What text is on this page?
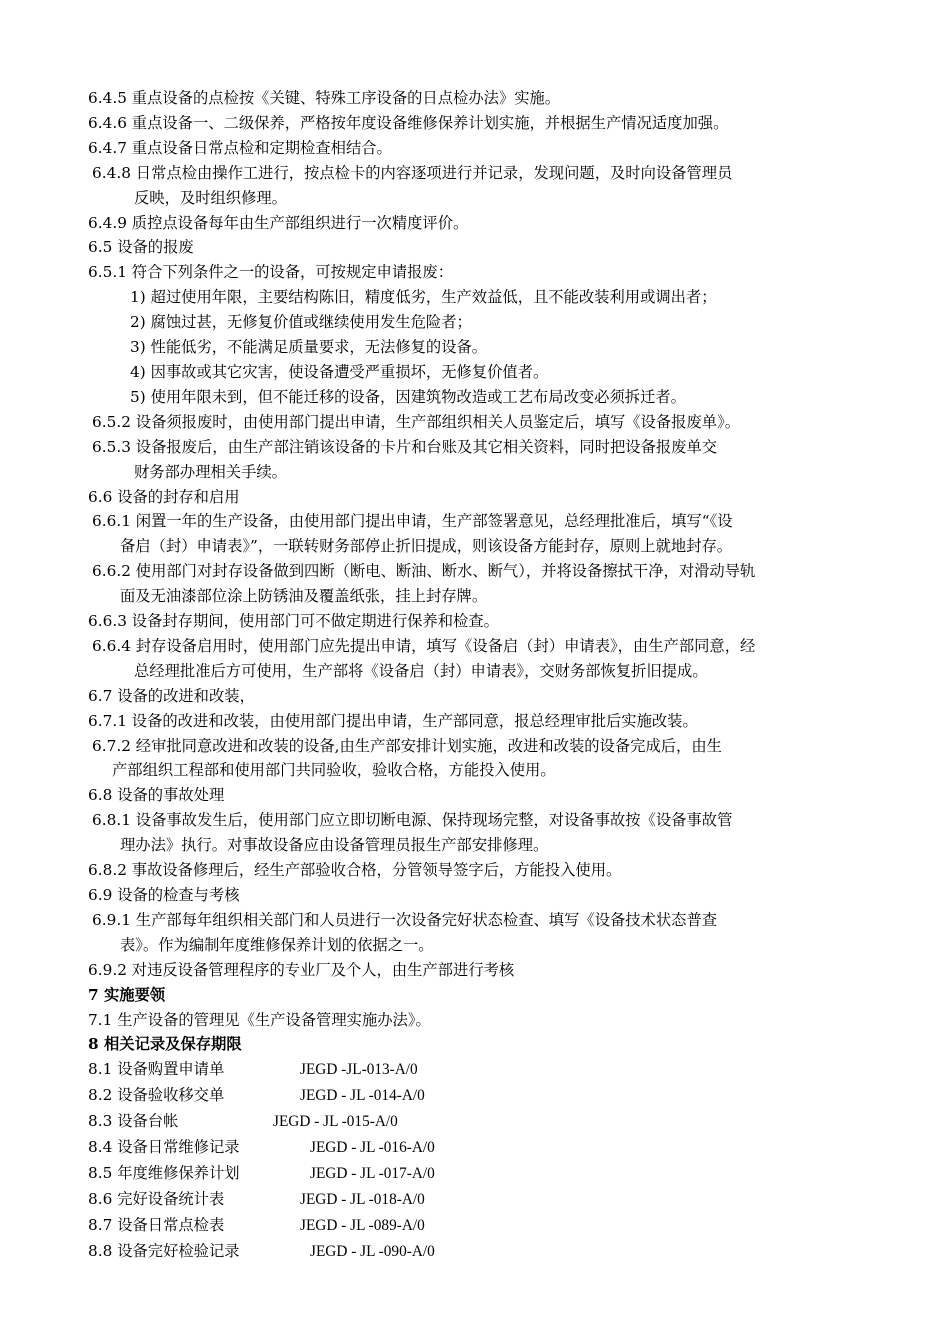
6.4.5 重点设备的点检按《关键、特殊工序设备的日点检办法》实施。
6.4.6 重点设备一、二级保养，严格按年度设备维修保养计划实施，并根据生产情况适度加强。
6.4.7 重点设备日常点检和定期检查相结合。
6.4.8 日常点检由操作工进行，按点检卡的内容逐项进行并记录，发现问题，及时向设备管理员
反映，及时组织修理。
6.4.9 质控点设备每年由生产部组织进行一次精度评价。
6.5 设备的报废
6.5.1 符合下列条件之一的设备，可按规定申请报废：
1) 超过使用年限，主要结构陈旧，精度低劣，生产效益低，且不能改装利用或调出者；
2) 腐蚀过甚，无修复价值或继续使用发生危险者；
3) 性能低劣，不能满足质量要求，无法修复的设备。
4) 因事故或其它灾害，使设备遭受严重损坏，无修复价值者。
5) 使用年限未到，但不能迁移的设备，因建筑物改造或工艺布局改变必须拆迁者。
6.5.2 设备须报废时，由使用部门提出申请，生产部组织相关人员鉴定后，填写《设备报废单》。
6.5.3 设备报废后，由生产部注销该设备的卡片和台账及其它相关资料，同时把设备报废单交
财务部办理相关手续。
6.6 设备的封存和启用
6.6.1 闲置一年的生产设备，由使用部门提出申请，生产部签署意见，总经理批准后，填写“《设
备启（封）申请表》”，一联转财务部停止折旧提成，则该设备方能封存，原则上就地封存。
6.6.2 使用部门对封存设备做到四断（断电、断油、断水、断气），并将设备擦拭干净，对滑动导轨
面及无油漆部位涂上防锈油及覆盖纸张，挂上封存牌。
6.6.3 设备封存期间，使用部门可不做定期进行保养和检查。
6.6.4 封存设备启用时，使用部门应先提出申请，填写《设备启（封）申请表》，由生产部同意，经
总经理批准后方可使用，生产部将《设备启（封）申请表》，交财务部恢复折旧提成。
6.7 设备的改进和改装，
6.7.1 设备的改进和改装，由使用部门提出申请，生产部同意，报总经理审批后实施改装。
6.7.2 经审批同意改进和改装的设备,由生产部安排计划实施，改进和改装的设备完成后，由生
产部组织工程部和使用部门共同验收，验收合格，方能投入使用。
6.8 设备的事故处理
6.8.1 设备事故发生后，使用部门应立即切断电源、保持现场完整，对设备事故按《设备事故管
理办法》执行。对事故设备应由设备管理员报生产部安排修理。
6.8.2 事故设备修理后，经生产部验收合格，分管领导签字后，方能投入使用。
6.9 设备的检查与考核
6.9.1 生产部每年组织相关部门和人员进行一次设备完好状态检查、填写《设备技术状态普查
表》。作为编制年度维修保养计划的依据之一。
6.9.2 对违反设备管理程序的专业厂及个人，由生产部进行考核
7 实施要领
7.1 生产设备的管理见《生产设备管理实施办法》。
8 相关记录及保存期限
8.1 设备购置申请单	JEGD -JL-013-A/0
8.2 设备验收移交单	JEGD - JL -014-A/0
8.3 设备台帐	JEGD - JL -015-A/0
8.4 设备日常维修记录	JEGD - JL -016-A/0
8.5 年度维修保养计划	JEGD - JL -017-A/0
8.6 完好设备统计表	JEGD - JL -018-A/0
8.7 设备日常点检表	JEGD - JL -089-A/0
8.8 设备完好检验记录	JEGD - JL -090-A/0
